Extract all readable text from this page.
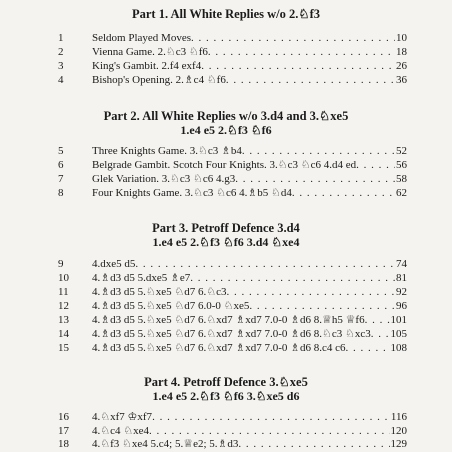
Part 1. All White Replies w/o 2.♘f3
1	Seldom Played Moves . . .	10
2	Vienna Game. 2.♘c3 ♘f6 . . .	18
3	King's Gambit. 2.f4 exf4 . . .	26
4	Bishop's Opening. 2.♗c4 ♘f6 . . .	36
Part 2. All White Replies w/o 3.d4 and 3.♘xe5
1.e4 e5 2.♘f3 ♘f6
5	Three Knights Game. 3.♘c3 ♗b4 . . .	52
6	Belgrade Gambit. Scotch Four Knights. 3.♘c3 ♘c6 4.d4 ed . . .	56
7	Glek Variation. 3.♘c3 ♘c6 4.g3 . . .	58
8	Four Knights Game. 3.♘c3 ♘c6 4.♗b5 ♘d4 . . .	62
Part 3. Petroff Defence 3.d4
1.e4 e5 2.♘f3 ♘f6 3.d4 ♘xe4
9	4.dxe5 d5 . . .	74
10	4.♗d3 d5 5.dxe5 ♗e7 . . .	81
11	4.♗d3 d5 5.♘xe5 ♘d7 6.♘c3 . . .	92
12	4.♗d3 d5 5.♘xe5 ♘d7 6.0-0 ♘xe5 . . .	96
13	4.♗d3 d5 5.♘xe5 ♘d7 6.♘xd7 ♗xd7 7.0-0 ♗d6 8.♕h5 ♕f6 . . . 101
14	4.♗d3 d5 5.♘xe5 ♘d7 6.♘xd7 ♗xd7 7.0-0 ♗d6 8.♘c3 ♘xc3 . . . 105
15	4.♗d3 d5 5.♘xe5 ♘d7 6.♘xd7 ♗xd7 7.0-0 ♗d6 8.c4 c6 . . .	108
Part 4. Petroff Defence 3.♘xe5
1.e4 e5 2.♘f3 ♘f6 3.♘xe5 d6
16	4.♘xf7 ♔xf7 . . .	116
17	4.♘c4 ♘xe4 . . .	120
18	4.♘f3 ♘xe4 5.c4; 5.♕e2; 5.♗d3 . . .	129
